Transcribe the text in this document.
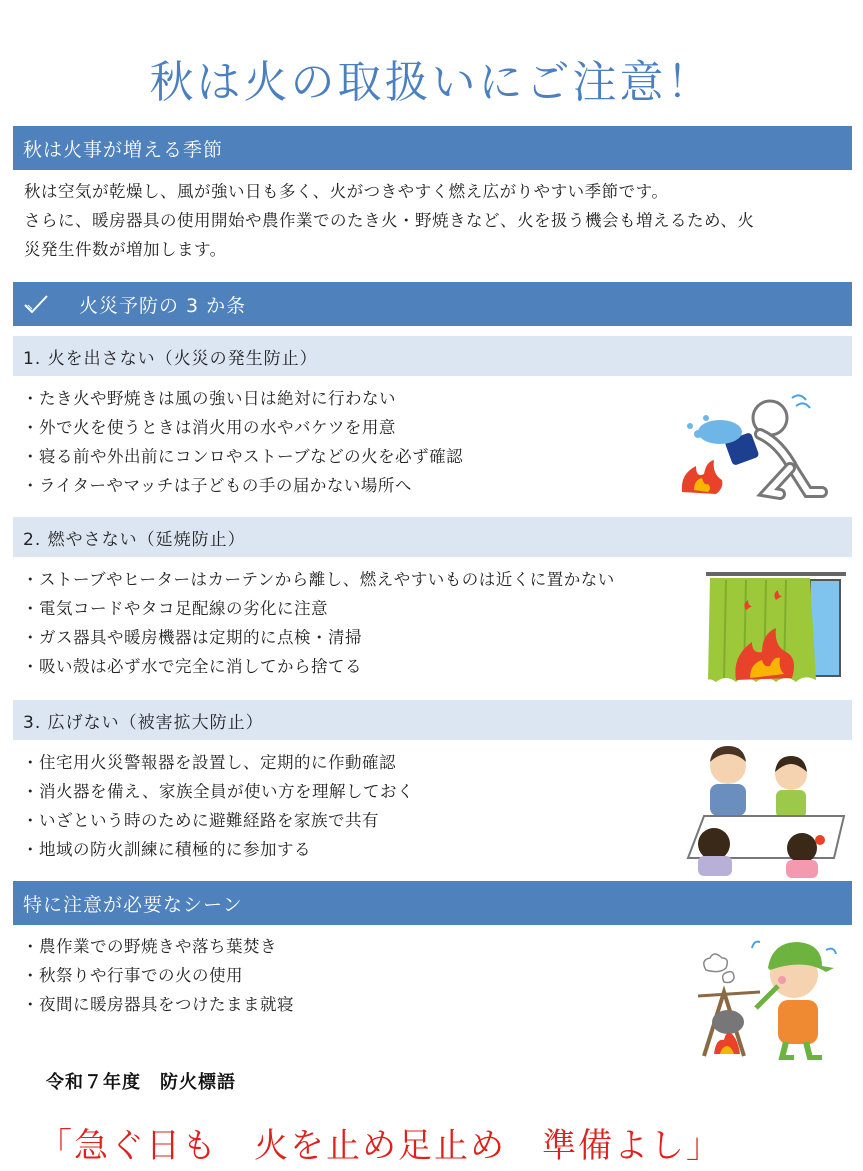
秋は火の取扱いにご注意！
秋は火事が増える季節

秋は空気が乾燥し、風が強い日も多く、火がつきやすく燃え広がりやすい季節です。

さらに、暖房器具の使用開始や農作業でのたき火・野焼きなど、火を扱う機会も増えるため、火

災発生件数が増加します。

火災予防の 3 か条
1. 火を出さない（火災の発生防止）
・ たき火や野焼きは風の強い日は絶対に行わない
・ 外で火を使うときは消火用の水やバケツを用意
・ 寝る前や外出前にコンロやストーブなどの火を必ず確認
・ ライターやマッチは子どもの手の届かない場所へ
2. 燃やさない（延焼防止）
・ ストーブやヒーターはカーテンから離し、燃えやすいものは近くに置かない
・ 電気コードやタコ足配線の劣化に注意
・ ガス器具や暖房機器は定期的に点検・清掃
・ 吸い殻は必ず水で完全に消してから捨てる
3. 広げない（被害拡大防止）
・ 住宅用火災警報器を設置し、定期的に作動確認
・ 消火器を備え、家族全員が使い方を理解しておく
・ いざという時のために避難経路を家族で共有
・ 地域の防火訓練に積極的に参加する
特に注意が必要なシーン
・ 農作業での野焼きや落ち葉焚き
・ 秋祭りや行事での火の使用
・ 夜間に暖房器具をつけたまま就寝
令和７年度　防火標語
「急ぐ日も　火を止め足止め　準備よし」
